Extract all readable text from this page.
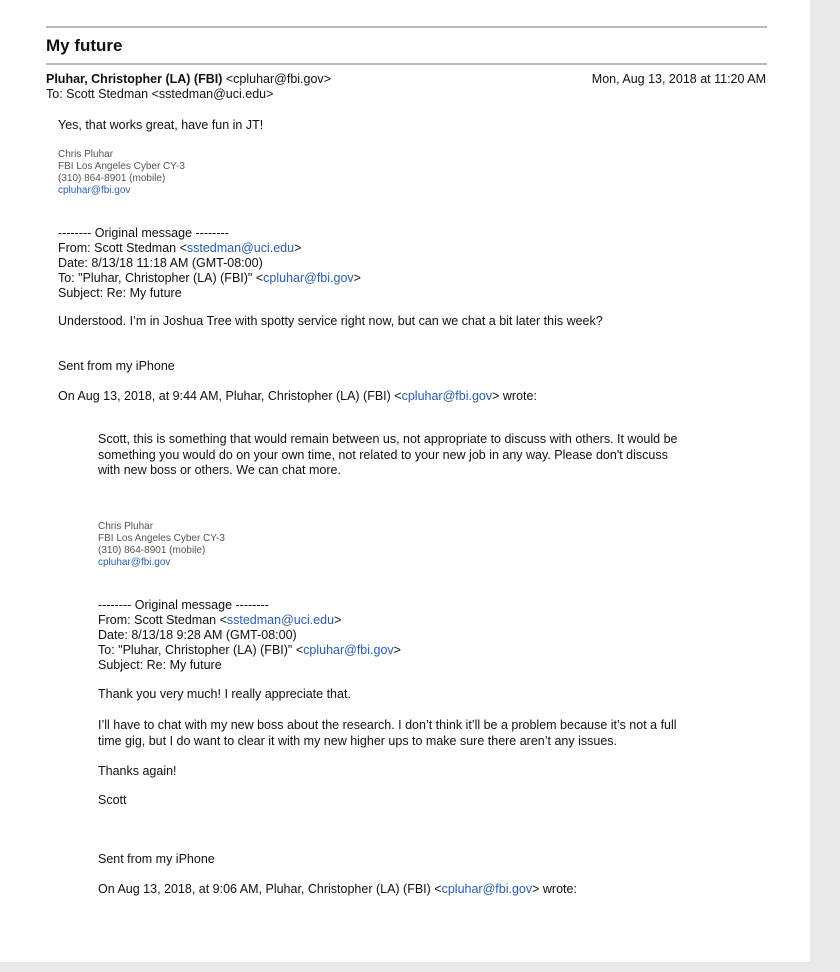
My future
Pluhar, Christopher (LA) (FBI) <cpluhar@fbi.gov>
To: Scott Stedman <sstedman@uci.edu>
Mon, Aug 13, 2018 at 11:20 AM
Yes, that works great, have fun in JT!
Chris Pluhar
FBI Los Angeles Cyber CY-3
(310) 864-8901 (mobile)
cpluhar@fbi.gov
-------- Original message --------
From: Scott Stedman <sstedman@uci.edu>
Date: 8/13/18 11:18 AM (GMT-08:00)
To: "Pluhar, Christopher (LA) (FBI)" <cpluhar@fbi.gov>
Subject: Re: My future
Understood. I’m in Joshua Tree with spotty service right now, but can we chat a bit later this week?
Sent from my iPhone
On Aug 13, 2018, at 9:44 AM, Pluhar, Christopher (LA) (FBI) <cpluhar@fbi.gov> wrote:
Scott, this is something that would remain between us, not appropriate to discuss with others. It would be
something you would do on your own time, not related to your new job in any way. Please don't discuss
with new boss or others. We can chat more.
Chris Pluhar
FBI Los Angeles Cyber CY-3
(310) 864-8901 (mobile)
cpluhar@fbi.gov
-------- Original message --------
From: Scott Stedman <sstedman@uci.edu>
Date: 8/13/18 9:28 AM (GMT-08:00)
To: "Pluhar, Christopher (LA) (FBI)" <cpluhar@fbi.gov>
Subject: Re: My future
Thank you very much! I really appreciate that.
I’ll have to chat with my new boss about the research. I don’t think it’ll be a problem because it’s not a full
time gig, but I do want to clear it with my new higher ups to make sure there aren’t any issues.
Thanks again!
Scott
Sent from my iPhone
On Aug 13, 2018, at 9:06 AM, Pluhar, Christopher (LA) (FBI) <cpluhar@fbi.gov> wrote:
